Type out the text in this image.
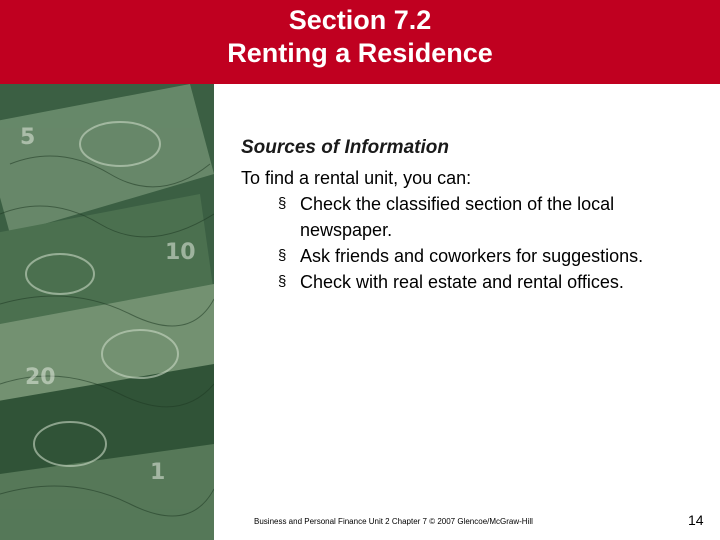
Section 7.2
Renting a Residence
5
10
20
1

Sources of Information

To find a rental unit, you can:

§ Check the classified section of the local newspaper.
§ Ask friends and coworkers for suggestions.
§ Check with real estate and rental offices.
Business and Personal Finance Unit 2 Chapter 7 © 2007 Glencoe/McGraw-Hill	14
